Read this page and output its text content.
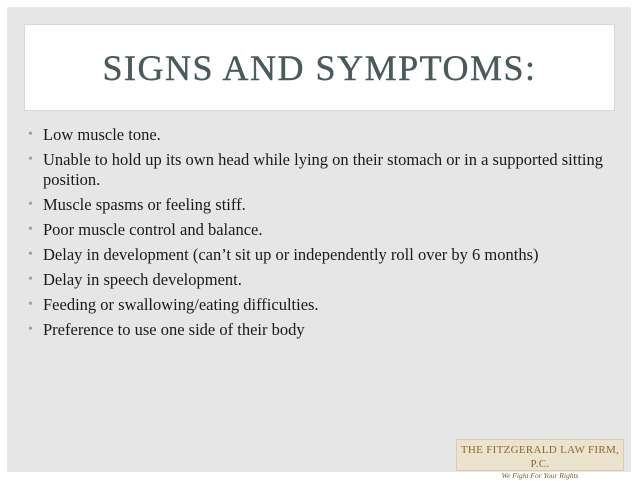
SIGNS AND SYMPTOMS:
• Low muscle tone.
• Unable to hold up its own head while lying on their stomach or in a supported sitting position.
• Muscle spasms or feeling stiff.
• Poor muscle control and balance.
• Delay in development (can’t sit up or independently roll over by 6 months)
• Delay in speech development.
• Feeding or swallowing/eating difficulties.
• Preference to use one side of their body
THE FITZGERALD LAW FIRM, P.C.
We Fight For Your Rights
